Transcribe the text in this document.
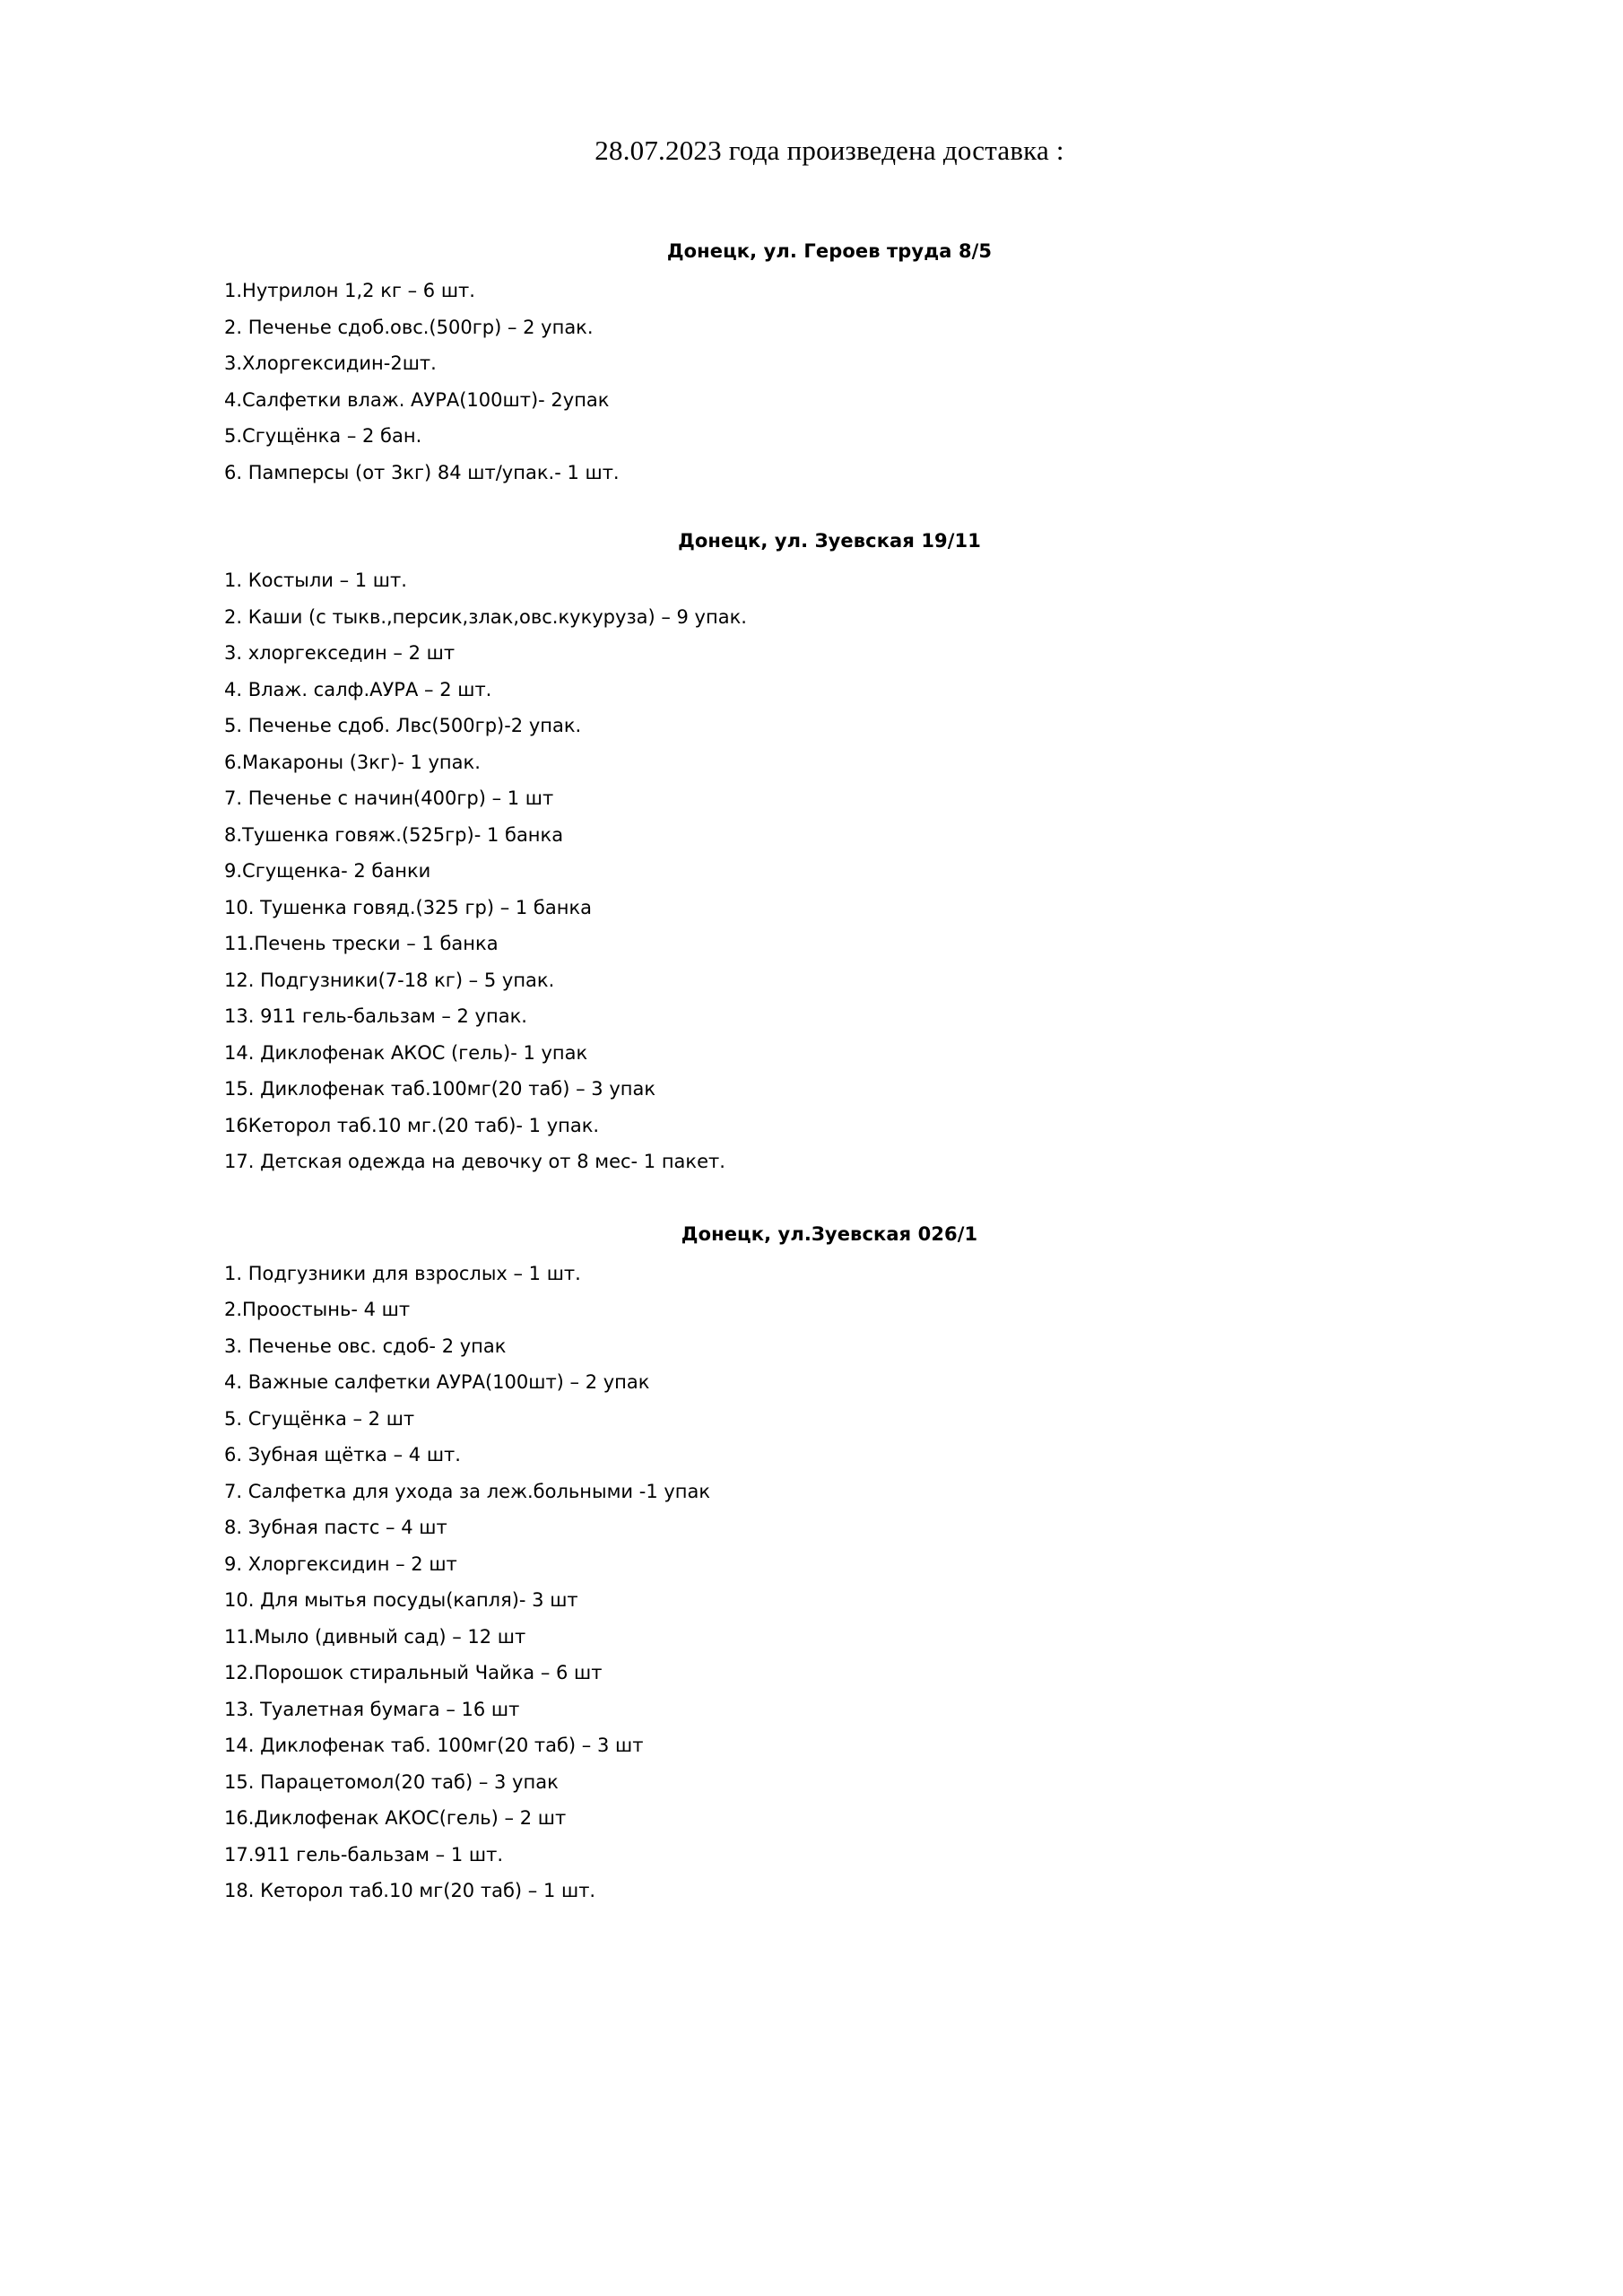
28.07.2023 года произведена доставка :
Донецк, ул. Героев труда 8/5
1.Нутрилон 1,2 кг – 6 шт.
2. Печенье сдоб.овс.(500гр) – 2 упак.
3.Хлоргексидин-2шт.
4.Салфетки влаж. АУРА(100шт)- 2упак
5.Сгущёнка – 2 бан.
6. Памперсы (от 3кг) 84 шт/упак.- 1 шт.
Донецк, ул. Зуевская 19/11
1. Костыли – 1 шт.
2. Каши (с тыкв.,персик,злак,овс.кукуруза) – 9 упак.
3. хлоргекседин – 2 шт
4. Влаж. салф.АУРА – 2 шт.
5. Печенье сдоб. Лвс(500гр)-2 упак.
6.Макароны (3кг)- 1 упак.
7. Печенье с начин(400гр) – 1 шт
8.Тушенка говяж.(525гр)- 1 банка
9.Сгущенка- 2 банки
10. Тушенка говяд.(325 гр) – 1 банка
11.Печень трески – 1 банка
12. Подгузники(7-18 кг) – 5 упак.
13. 911 гель-бальзам – 2 упак.
14. Диклофенак АКОС (гель)- 1 упак
15. Диклофенак таб.100мг(20 таб) – 3 упак
16Кеторол таб.10 мг.(20 таб)- 1 упак.
17. Детская одежда на девочку от 8 мес- 1 пакет.
Донецк, ул.Зуевская 026/1
1. Подгузники для взрослых – 1 шт.
2.Проостынь- 4 шт
3. Печенье овс. сдоб- 2 упак
4. Важные салфетки АУРА(100шт) – 2 упак
5. Сгущёнка – 2 шт
6. Зубная щётка – 4 шт.
7. Салфетка для ухода за леж.больными -1 упак
8. Зубная пастс – 4 шт
9. Хлоргексидин – 2 шт
10. Для мытья посуды(капля)- 3 шт
11.Мыло (дивный сад) – 12 шт
12.Порошок стиральный Чайка – 6 шт
13. Туалетная бумага – 16 шт
14. Диклофенак таб. 100мг(20 таб) – 3 шт
15. Парацетомол(20 таб) – 3 упак
16.Диклофенак АКОС(гель) – 2 шт
17.911 гель-бальзам – 1 шт.
18. Кеторол таб.10 мг(20 таб) – 1 шт.
